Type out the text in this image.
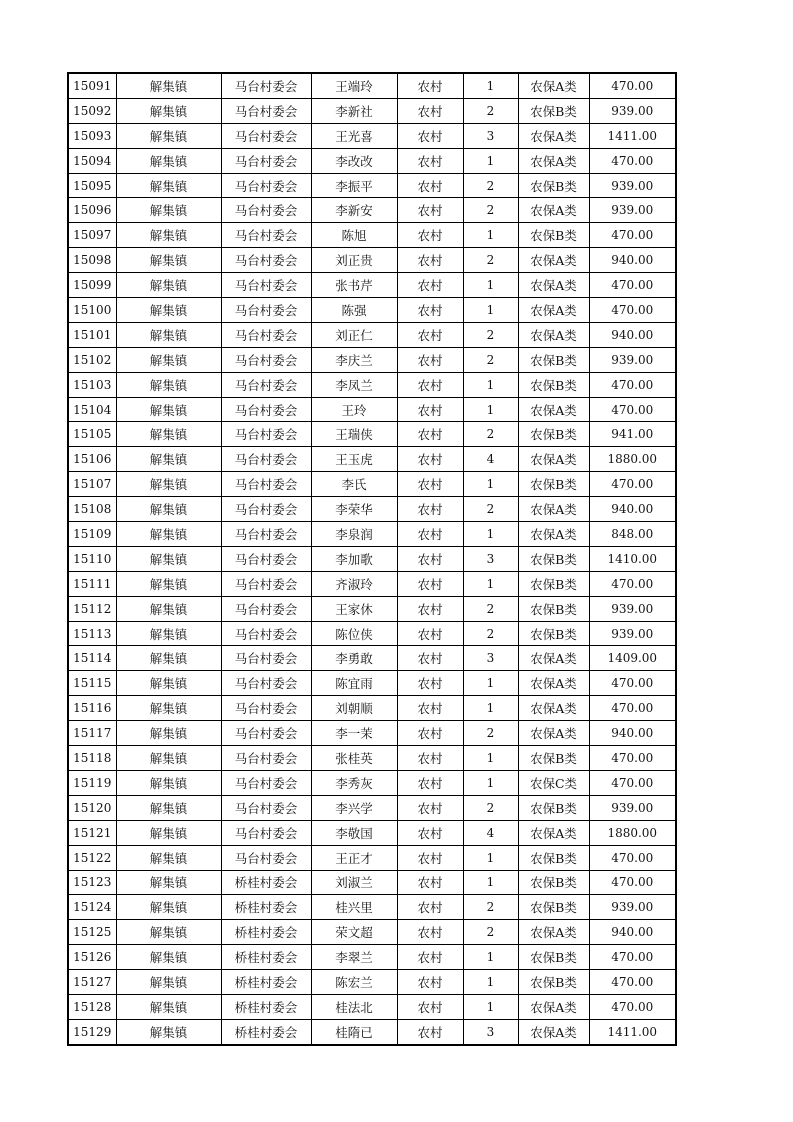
15091	解集镇	马台村委会	王端玲	农村	1	农保A类	470.00
15092	解集镇	马台村委会	李新社	农村	2	农保B类	939.00
15093	解集镇	马台村委会	王光喜	农村	3	农保A类	1411.00
15094	解集镇	马台村委会	李改改	农村	1	农保A类	470.00
15095	解集镇	马台村委会	李振平	农村	2	农保B类	939.00
15096	解集镇	马台村委会	李新安	农村	2	农保A类	939.00
15097	解集镇	马台村委会	陈旭	农村	1	农保B类	470.00
15098	解集镇	马台村委会	刘正贵	农村	2	农保A类	940.00
15099	解集镇	马台村委会	张书芹	农村	1	农保A类	470.00
15100	解集镇	马台村委会	陈强	农村	1	农保A类	470.00
15101	解集镇	马台村委会	刘正仁	农村	2	农保A类	940.00
15102	解集镇	马台村委会	李庆兰	农村	2	农保B类	939.00
15103	解集镇	马台村委会	李凤兰	农村	1	农保B类	470.00
15104	解集镇	马台村委会	王玲	农村	1	农保A类	470.00
15105	解集镇	马台村委会	王瑞侠	农村	2	农保B类	941.00
15106	解集镇	马台村委会	王玉虎	农村	4	农保A类	1880.00
15107	解集镇	马台村委会	李氏	农村	1	农保B类	470.00
15108	解集镇	马台村委会	李荣华	农村	2	农保A类	940.00
15109	解集镇	马台村委会	李泉润	农村	1	农保A类	848.00
15110	解集镇	马台村委会	李加歌	农村	3	农保B类	1410.00
15111	解集镇	马台村委会	齐淑玲	农村	1	农保B类	470.00
15112	解集镇	马台村委会	王家休	农村	2	农保B类	939.00
15113	解集镇	马台村委会	陈位侠	农村	2	农保B类	939.00
15114	解集镇	马台村委会	李勇敢	农村	3	农保A类	1409.00
15115	解集镇	马台村委会	陈宜雨	农村	1	农保A类	470.00
15116	解集镇	马台村委会	刘朝顺	农村	1	农保A类	470.00
15117	解集镇	马台村委会	李一茉	农村	2	农保A类	940.00
15118	解集镇	马台村委会	张桂英	农村	1	农保B类	470.00
15119	解集镇	马台村委会	李秀灰	农村	1	农保C类	470.00
15120	解集镇	马台村委会	李兴学	农村	2	农保B类	939.00
15121	解集镇	马台村委会	李敬国	农村	4	农保A类	1880.00
15122	解集镇	马台村委会	王正才	农村	1	农保B类	470.00
15123	解集镇	桥桂村委会	刘淑兰	农村	1	农保B类	470.00
15124	解集镇	桥桂村委会	桂兴里	农村	2	农保B类	939.00
15125	解集镇	桥桂村委会	荣文超	农村	2	农保A类	940.00
15126	解集镇	桥桂村委会	李翠兰	农村	1	农保B类	470.00
15127	解集镇	桥桂村委会	陈宏兰	农村	1	农保B类	470.00
15128	解集镇	桥桂村委会	桂法北	农村	1	农保A类	470.00
15129	解集镇	桥桂村委会	桂隋已	农村	3	农保A类	1411.00
